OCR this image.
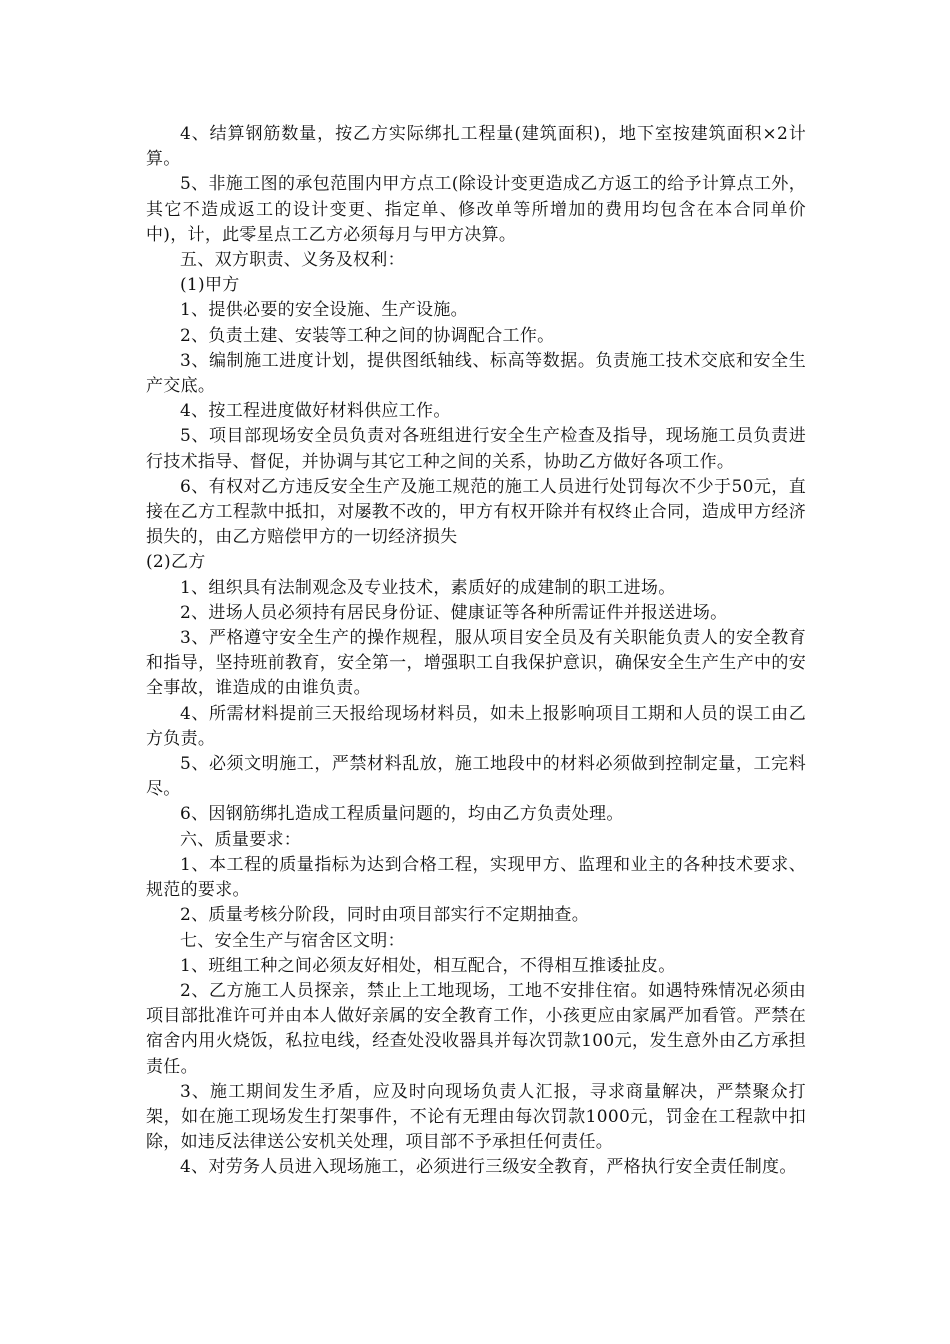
4、结算钢筋数量，按乙方实际绑扎工程量(建筑面积)，地下室按建筑面积×2计算。

5、非施工图的承包范围内甲方点工(除设计变更造成乙方返工的给予计算点工外，其它不造成返工的设计变更、指定单、修改单等所增加的费用均包含在本合同单价中)，计，此零星点工乙方必须每月与甲方决算。

五、双方职责、义务及权利：

(1)甲方

1、提供必要的安全设施、生产设施。

2、负责土建、安装等工种之间的协调配合工作。

3、编制施工进度计划，提供图纸轴线、标高等数据。负责施工技术交底和安全生产交底。

4、按工程进度做好材料供应工作。

5、项目部现场安全员负责对各班组进行安全生产检查及指导，现场施工员负责进行技术指导、督促，并协调与其它工种之间的关系，协助乙方做好各项工作。

6、有权对乙方违反安全生产及施工规范的施工人员进行处罚每次不少于50元，直接在乙方工程款中抵扣，对屡教不改的，甲方有权开除并有权终止合同，造成甲方经济损失的，由乙方赔偿甲方的一切经济损失

(2)乙方

1、组织具有法制观念及专业技术，素质好的成建制的职工进场。

2、进场人员必须持有居民身份证、健康证等各种所需证件并报送进场。

3、严格遵守安全生产的操作规程，服从项目安全员及有关职能负责人的安全教育和指导，坚持班前教育，安全第一，增强职工自我保护意识，确保安全生产生产中的安全事故，谁造成的由谁负责。

4、所需材料提前三天报给现场材料员，如未上报影响项目工期和人员的误工由乙方负责。

5、必须文明施工，严禁材料乱放，施工地段中的材料必须做到控制定量，工完料尽。

6、因钢筋绑扎造成工程质量问题的，均由乙方负责处理。

六、质量要求：

1、本工程的质量指标为达到合格工程，实现甲方、监理和业主的各种技术要求、规范的要求。

2、质量考核分阶段，同时由项目部实行不定期抽查。

七、安全生产与宿舍区文明：

1、班组工种之间必须友好相处，相互配合，不得相互推诿扯皮。

2、乙方施工人员探亲，禁止上工地现场，工地不安排住宿。如遇特殊情况必须由项目部批准许可并由本人做好亲属的安全教育工作，小孩更应由家属严加看管。严禁在宿舍内用火烧饭，私拉电线，经查处没收器具并每次罚款100元，发生意外由乙方承担责任。

3、施工期间发生矛盾，应及时向现场负责人汇报，寻求商量解决，严禁聚众打架，如在施工现场发生打架事件，不论有无理由每次罚款1000元，罚金在工程款中扣除，如违反法律送公安机关处理，项目部不予承担任何责任。

4、对劳务人员进入现场施工，必须进行三级安全教育，严格执行安全责任制度。
